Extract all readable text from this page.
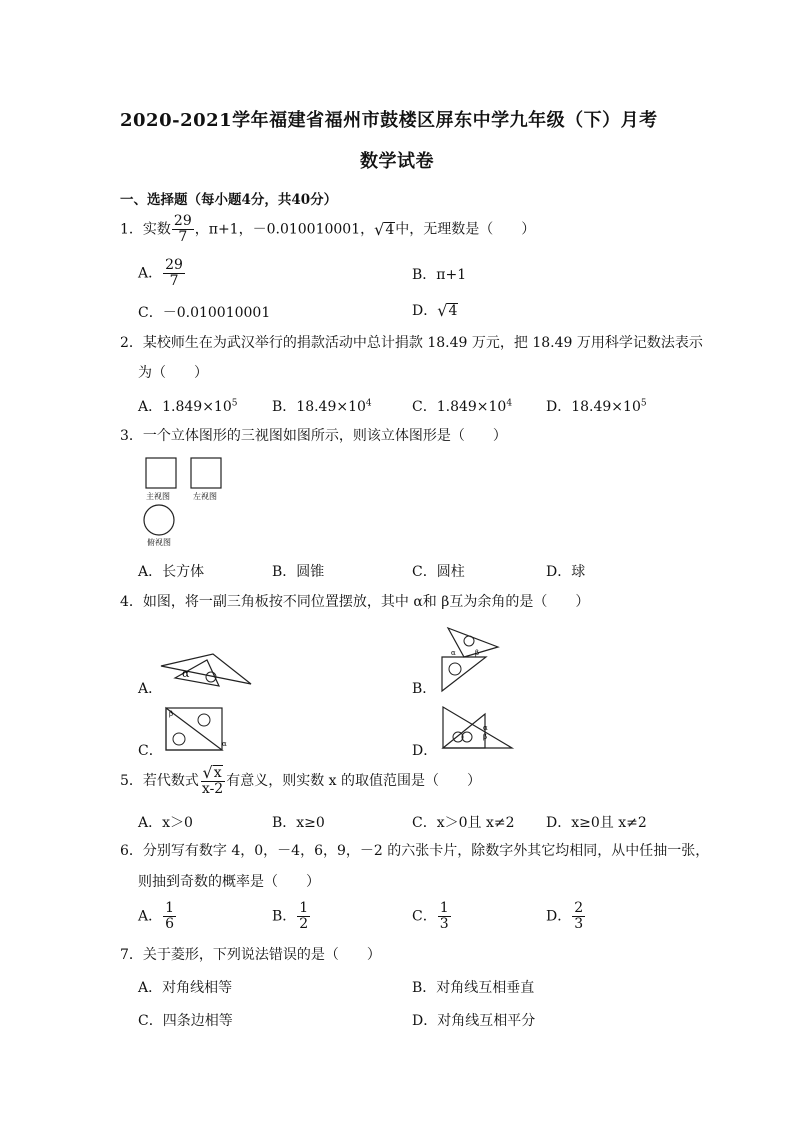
2020-2021学年福建省福州市鼓楼区屏东中学九年级（下）月考
数学试卷
一、选择题（每小题4分，共40分）
1．实数 $\frac{29}{7}$ ，π+1，－0.010010001， √ 4 中，无理数是（　　）
A． $\frac{29}{7}$	B．π+1
C．－0.010010001	D． √ 4
2．某校师生在为武汉举行的捐款活动中总计捐款 18.49 万元，把 18.49 万用科学记数法表示
为（　　）
A．$1.849\times 10^5$ B．$18.49\times 10^4$	C．$1.849\times 10^4$ D．$18.49\times 10^5$
3．一个立体图形的三视图如图所示，则该立体图形是（　　）
主视图	左视图
俯视图
A．长方体	B．圆锥	C．圆柱	D．球
4．如图，将一副三角板按不同位置摆放，其中 α和 β互为余角的是（　　）
A．
α
B．
α	β
C．
β
α	D．
α
β
5．若代数式 $\frac{√ x}{x-2}$ 有意义，则实数 x 的取值范围是（　　）
A．x＞0	B．x≥0	C．x＞0且 x≠2 D．x≥0且 x≠2
6．分别写有数字 4，0，－4，6，9，－2 的六张卡片，除数字外其它均相同，从中任抽一张，
则抽到奇数的概率是（　　）
A． $\frac{1}{6}$	B． $\frac{1}{2}$	C． $\frac{1}{3}$	D． $\frac{2}{3}$
7．关于菱形，下列说法错误的是（　　）
A．对角线相等	B．对角线互相垂直
C．四条边相等	D．对角线互相平分
